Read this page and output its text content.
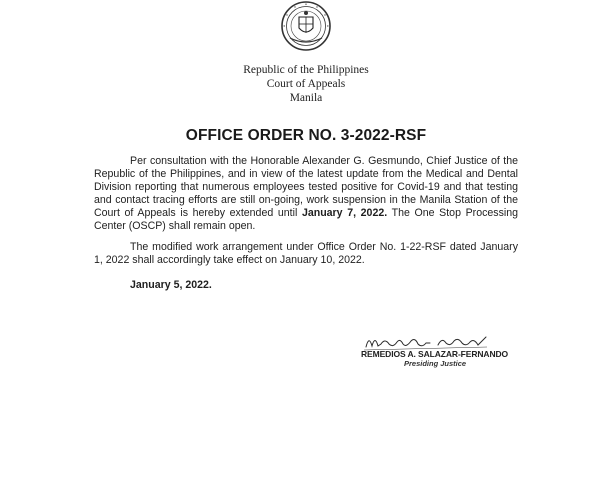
Republic of the Philippines
Court of Appeals
Manila
OFFICE ORDER NO. 3-2022-RSF

Per consultation with the Honorable Alexander G. Gesmundo, Chief Justice of the Republic of the Philippines, and in view of the latest update from the Medical and Dental Division reporting that numerous employees tested positive for Covid-19 and that testing and contact tracing efforts are still on-going, work suspension in the Manila Station of the Court of Appeals is hereby extended until January 7, 2022. The One Stop Processing Center (OSCP) shall remain open.

The modified work arrangement under Office Order No. 1-22-RSF dated January 1, 2022 shall accordingly take effect on January 10, 2022.

January 5, 2022.
REMEDIOS A. SALAZAR-FERNANDO
Presiding Justice
